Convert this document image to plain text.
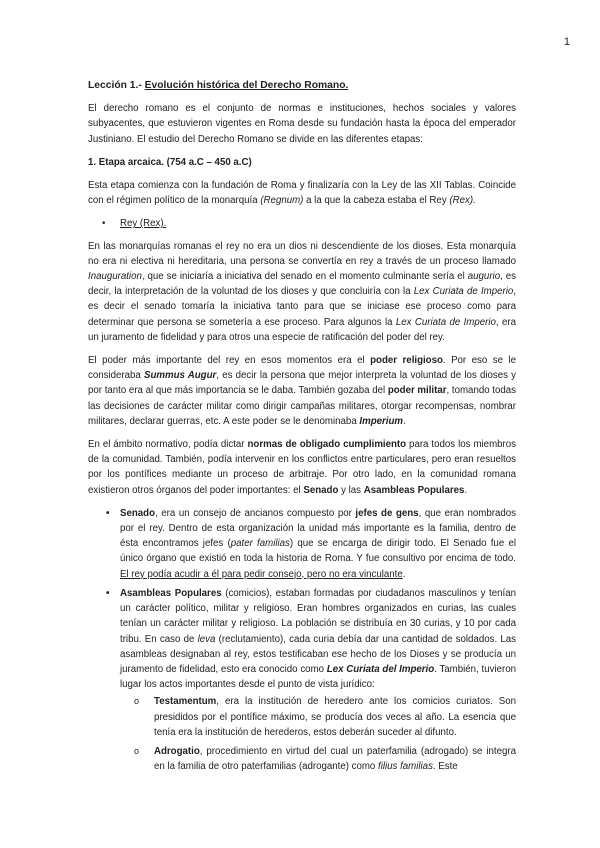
1
Lección 1.- Evolución histórica del Derecho Romano.

El derecho romano es el conjunto de normas e instituciones, hechos sociales y valores subyacentes, que estuvieron vigentes en Roma desde su fundación hasta la época del emperador Justiniano. El estudio del Derecho Romano se divide en las diferentes etapas:

1. Etapa arcaica. (754 a.C – 450 a.C)

Esta etapa comienza con la fundación de Roma y finalizaría con la Ley de las XII Tablas. Coincide con el régimen político de la monarquía (Regnum) a la que la cabeza estaba el Rey (Rex).

• Rey (Rex).

En las monarquías romanas el rey no era un dios ni descendiente de los dioses. Esta monarquía no era ni electiva ni hereditaria, una persona se convertía en rey a través de un proceso llamado Inauguration, que se iniciaría a iniciativa del senado en el momento culminante sería el augurio, es decir, la interpretación de la voluntad de los dioses y que concluiría con la Lex Curiata de Imperio, es decir el senado tomaría la iniciativa tanto para que se iniciase ese proceso como para determinar que persona se sometería a ese proceso. Para algunos la Lex Curiata de Imperio, era un juramento de fidelidad y para otros una especie de ratificación del poder del rey.

El poder más importante del rey en esos momentos era el poder religioso. Por eso se le consideraba Summus Augur, es decir la persona que mejor interpreta la voluntad de los dioses y por tanto era al que más importancia se le daba. También gozaba del poder militar, tomando todas las decisiones de carácter militar como dirigir campañas militares, otorgar recompensas, nombrar militares, declarar guerras, etc. A este poder se le denominaba Imperium.

En el ámbito normativo, podía dictar normas de obligado cumplimiento para todos los miembros de la comunidad. También, podía intervenir en los conflictos entre particulares, pero eran resueltos por los pontífices mediante un proceso de arbitraje. Por otro lado, en la comunidad romana existieron otros órganos del poder importantes: el Senado y las Asambleas Populares.

• Senado, era un consejo de ancianos compuesto por jefes de gens, que eran nombrados por el rey. Dentro de esta organización la unidad más importante es la familia, dentro de ésta encontramos jefes (pater familias) que se encarga de dirigir todo. El Senado fue el único órgano que existió en toda la historia de Roma. Y fue consultivo por encima de todo. El rey podía acudir a él para pedir consejo, pero no era vinculante.
• Asambleas Populares (comicios), estaban formadas por ciudadanos masculinos y tenían un carácter político, militar y religioso. Eran hombres organizados en curias, las cuales tenían un carácter militar y religioso. La población se distribuía en 30 curias, y 10 por cada tribu. En caso de leva (reclutamiento), cada curia debía dar una cantidad de soldados. Las asambleas designaban al rey, estos testificaban ese hecho de los Dioses y se producía un juramento de fidelidad, esto era conocido como Lex Curiata del Imperio. También, tuvieron lugar los actos importantes desde el punto de vista jurídico:
o Testamentum, era la institución de heredero ante los comicios curiatos. Son presididos por el pontífice máximo, se producía dos veces al año. La esencia que tenía era la institución de herederos, estos deberán suceder al difunto.
o Adrogatio, procedimiento en virtud del cual un paterfamilia (adrogado) se integra en la familia de otro paterfamilias (adrogante) como filius familias. Este
